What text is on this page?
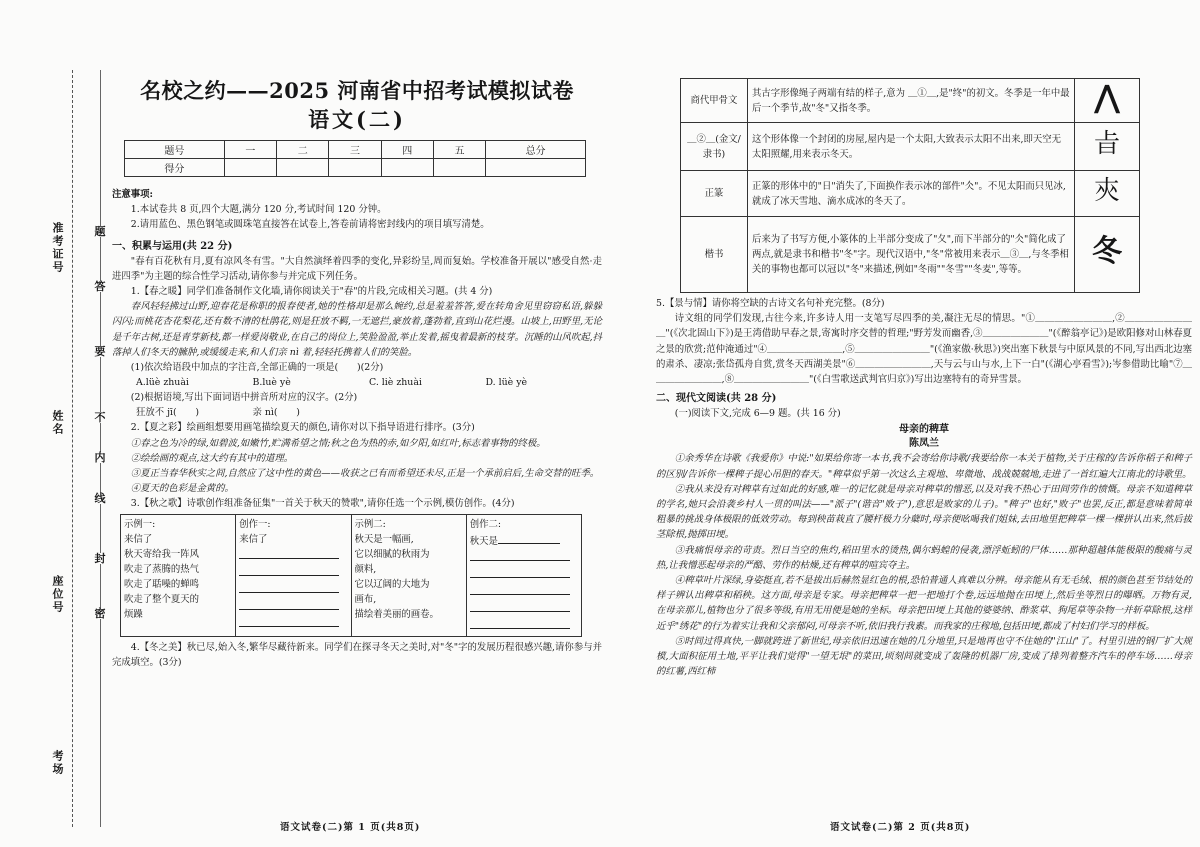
准考证号
姓名
座位号
考场
题
答
要
不
内
线
封
密
名校之约——2025 河南省中招考试模拟试卷
语文(二)
题号	一	二	三	四	五	总分
得分						

注意事项:

1.本试卷共 8 页,四个大题,满分 120 分,考试时间 120 分钟。

2.请用蓝色、黑色钢笔或圆珠笔直接答在试卷上,答卷前请将密封线内的项目填写清楚。

一、积累与运用(共 22 分)

"春有百花秋有月,夏有凉风冬有雪。"大自然演绎着四季的变化,异彩纷呈,周而复始。学校准备开展以"感受自然·走进四季"为主题的综合性学习活动,请你参与并完成下列任务。

1.【春之暖】同学们准备制作文化墙,请你阅读关于"春"的片段,完成相关习题。(共 4 分)

春风轻轻拂过山野,迎春花是称职的报春使者,她的性格却是那么婉约,总是羞羞答答,爱在转角舍见里窃窃私语,躲躲闪闪;而桃花杏花梨花,还有数不清的杜鹃花,则是狂放不羁,一无遮拦,豪放着,蓬勃着,直到山花烂漫。山坡上,田野里,无论是千年古树,还是青芽新枝,都一样爱岗敬业,在自己的岗位上,笑脸盈盈,举止发着,摇曳着最新的枝芽。沉睡的山风吹起,抖落掉人们冬天的臃肿,或缓缓走来,和人们亲 nì 着,轻轻托携着人们的笑脸。

(1)依次给语段中加点的字注音,全部正确的一项是(　　)(2分)

A.lüè zhuài	B.luè yè	C. liè zhuài	D. lüè yè

(2)根据语境,写出下面词语中拼音所对应的汉字。(2分)

狂放不 jī(　　)	亲 nì(　　)

2.【夏之彩】绘画组想要用画笔描绘夏天的颜色,请你对以下指导语进行排序。(3分)

①春之色为冷的绿,如碧波,如嫩竹,贮满希望之情;秋之色为热的赤,如夕阳,如红叶,标志着事物的终极。

②绘绘画的观点,这大约有其中的道理。

③夏正当春华秋实之间,自然应了这中性的黄色——收获之已有而希望还未尽,正是一个承前启后,生命交替的旺季。

④夏天的色彩是金黄的。

3.【秋之歌】诗歌创作组准备征集"一首关于秋天的赞歌",请你任选一个示例,模仿创作。(4分)

示例一:
来信了
秋天寄给我一阵风
吹走了蒸腾的热气
吹走了聒噪的蝉鸣
吹走了整个夏天的
烦躁

创作一:
来信了

示例二:
秋天是一幅画,
它以细腻的秋雨为
颜料,
它以辽阔的大地为
画布,
描绘着美丽的画卷。

创作二:
秋天是

4.【冬之美】秋已尽,始入冬,繁华尽藏待新来。同学们在探寻冬天之美时,对"冬"字的发展历程很感兴趣,请你参与并完成填空。(3分)

语文试卷(二)第 1 页(共8页)
商代甲骨文	其古字形像绳子两端有结的样子,意为 ＿①＿,是"终"的初文。冬季是一年中最后一个季节,故"冬"又指冬季。	⋀
＿②＿(金文/隶书)	这个形体像一个封闭的房屋,屋内是一个太阳,大致表示太阳不出来,即天空无太阳照耀,用来表示冬天。	㫖
正篆	正篆的形体中的"日"消失了,下面换作表示冰的部件"仌"。不见太阳而只见冰,就成了冰天雪地、滴水成冰的冬天了。	㚒
楷书	后来为了书写方便,小篆体的上半部分变成了"夂",而下半部分的"仌"简化成了两点,就是隶书和楷书"冬"字。现代汉语中,"冬"常被用来表示＿③＿,与冬季相关的事物也都可以冠以"冬"来描述,例如"冬雨""冬雪""冬麦",等等。	冬

5.【景与情】请你将空缺的古诗文名句补充完整。(8分)

诗文组的同学们发现,古往今来,许多诗人用一支笔写尽四季的美,凝注无尽的情思。"①＿＿＿＿＿＿＿＿,②＿＿＿＿＿＿＿＿"(《次北固山下》)是王湾借助早春之景,寄寓时序交替的哲理;"野芳发而幽香,③＿＿＿＿＿＿＿"(《醉翁亭记》)是欧阳修对山林春夏之景的欣赏;范仲淹通过"④＿＿＿＿＿＿＿＿,⑤＿＿＿＿＿＿＿＿"(《渔家傲·秋思》)突出塞下秋景与中原风景的不同,写出西北边塞的肃杀、凄凉;张岱孤舟自赏,赏冬天西湖美景"⑥＿＿＿＿＿＿＿＿,天与云与山与水,上下一白"(《湖心亭看雪》);岑参借助比喻"⑦＿＿＿＿＿＿＿＿,⑧＿＿＿＿＿＿＿＿"(《白雪歌送武判官归京》)写出边塞特有的奇异雪景。

二、现代文阅读(共 28 分)

(一)阅读下文,完成 6—9 题。(共 16 分)

母亲的稗草

陈凤兰

①余秀华在诗歌《我爱你》中说:"如果给你寄一本书,我不会寄给你诗歌/我要给你一本关于植物,关于庄稼的/告诉你稻子和稗子的区别/告诉你一棵稗子提心吊胆的春天。"稗草似乎第一次这么主观地、卑微地、战战兢兢地,走进了一首红遍大江南北的诗歌里。

②我从来没有对稗草有过如此的好感,唯一的记忆就是母亲对稗草的憎恶,以及对我不热心于田间劳作的愤慨。母亲不知道稗草的学名,她只会沿袭乡村人一贯的叫法——"派子"(谐音"败子"),意思是败家的儿子)。"稗子"也好,"败子"也罢,反正,都是意味着简单粗暴的挑战身体极限的低效劳动。每到秧苗栽直了腰杆极力分蘖时,母亲便吆喝我们姐妹,去田地里把稗草一棵一棵拼认出来,然后拔茎除根,抛掷田埂。

③我痛恨母亲的苛责。烈日当空的焦灼,稻田里水的烫热,偶尔蚂蝗的侵袭,漂浮蚯蚓的尸体……那种超越体能极限的酸痛与灵热,让我憎恶起母亲的严酷、劳作的枯燥,还有稗草的喧宾夺主。

④稗草叶片深绿,身姿挺直,若不是拔出后赫然显红色的根,恐怕普通人真难以分辨。母亲能从有无毛绒、根的颜色甚至节结处的样子辨认出稗草和稻秧。这方面,母亲是专家。母亲把稗草一把一把地打个卷,远远地抛在田埂上,然后坐等烈日的曝晒。万物有灵,在母亲那儿,植物也分了很多等级,有用无用便是她的坐标。母亲把田埂上其他的婆婆纳、酢浆草、狗尾草等杂物一并斩草除根,这样近乎"绣花"的行为着实让我和父亲郁闷,可母亲不听,依旧我行我素。而我家的庄稼地,包括田埂,都成了村妇们学习的样板。

⑤时间过得真快,一脚就跨进了新世纪,母亲依旧迅速在她的几分地里,只是地再也守不住她的"江山"了。村里引进的钢厂扩大规模,大面积征用土地,平平让我们觉得"一望无垠"的菜田,顷刻间就变成了轰隆的机器厂房,变成了排列着整齐汽车的停车场……母亲的红薯,西红柿

语文试卷(二)第 2 页(共8页)
